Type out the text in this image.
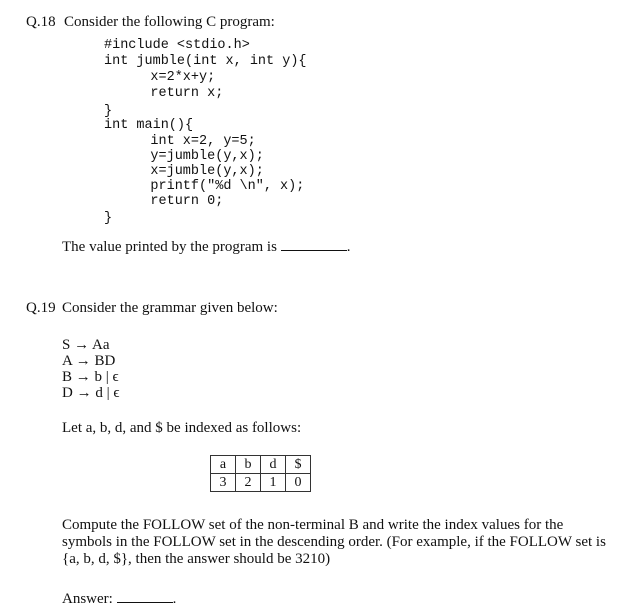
Q.18 Consider the following C program:
#include <stdio.h>
int jumble(int x, int y){
x=2*x+y;
return x;
}
int main(){
int x=2, y=5;
y=jumble(y,x);
x=jumble(y,x);
printf("%d \n", x);
return 0;
}
The value printed by the program is	.
Q.19 Consider the grammar given below:
S → Aa
A → BD
B → b | ϵ
D → d | ϵ
Let a, b, d, and $ be indexed as follows:
a	b	d	$
3	2	1	0
Compute the FOLLOW set of the non-terminal B and write the index values for the symbols in the FOLLOW set in the descending order. (For example, if the FOLLOW set is {a, b, d, $}, then the answer should be 3210)
Answer:	.
